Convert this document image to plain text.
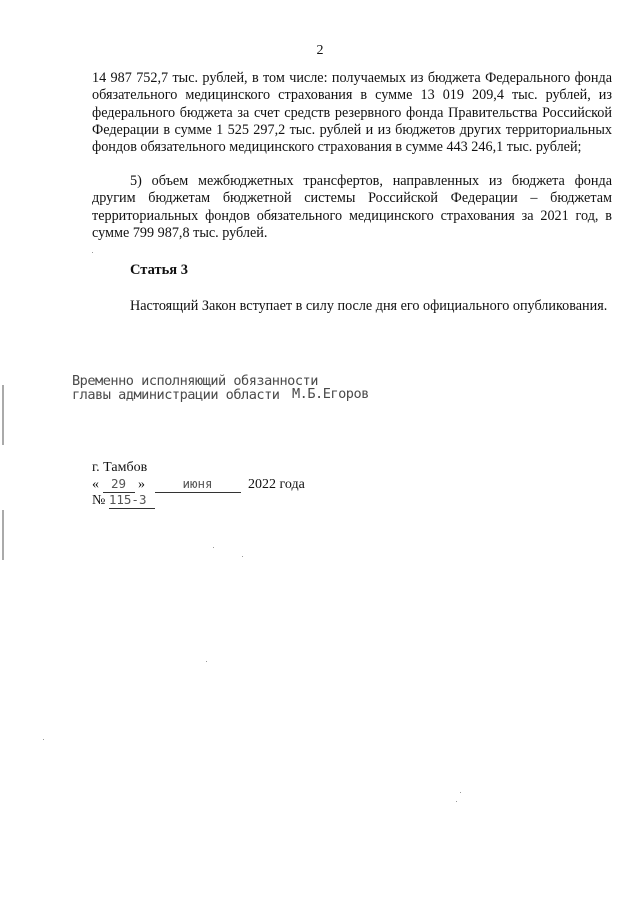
2
14 987 752,7 тыс. рублей, в том числе: получаемых из бюджета Федерального фонда обязательного медицинского страхования в сумме 13 019 209,4 тыс. рублей, из федерального бюджета за счет средств резервного фонда Правительства Российской Федерации в сумме 1 525 297,2 тыс. рублей и из бюджетов других территориальных фондов обязательного медицинского страхования в сумме 443 246,1 тыс. рублей;
5) объем межбюджетных трансфертов, направленных из бюджета фонда другим бюджетам бюджетной системы Российской Федерации – бюджетам территориальных фондов обязательного медицинского страхования за 2021 год, в сумме 799 987,8 тыс. рублей.
Статья 3
Настоящий Закон вступает в силу после дня его официального опубликования.
Временно исполняющий обязанности
главы администрации области М.Б.Егоров
г. Тамбов
« 29 »	июня	2022 года
№ 115-З
